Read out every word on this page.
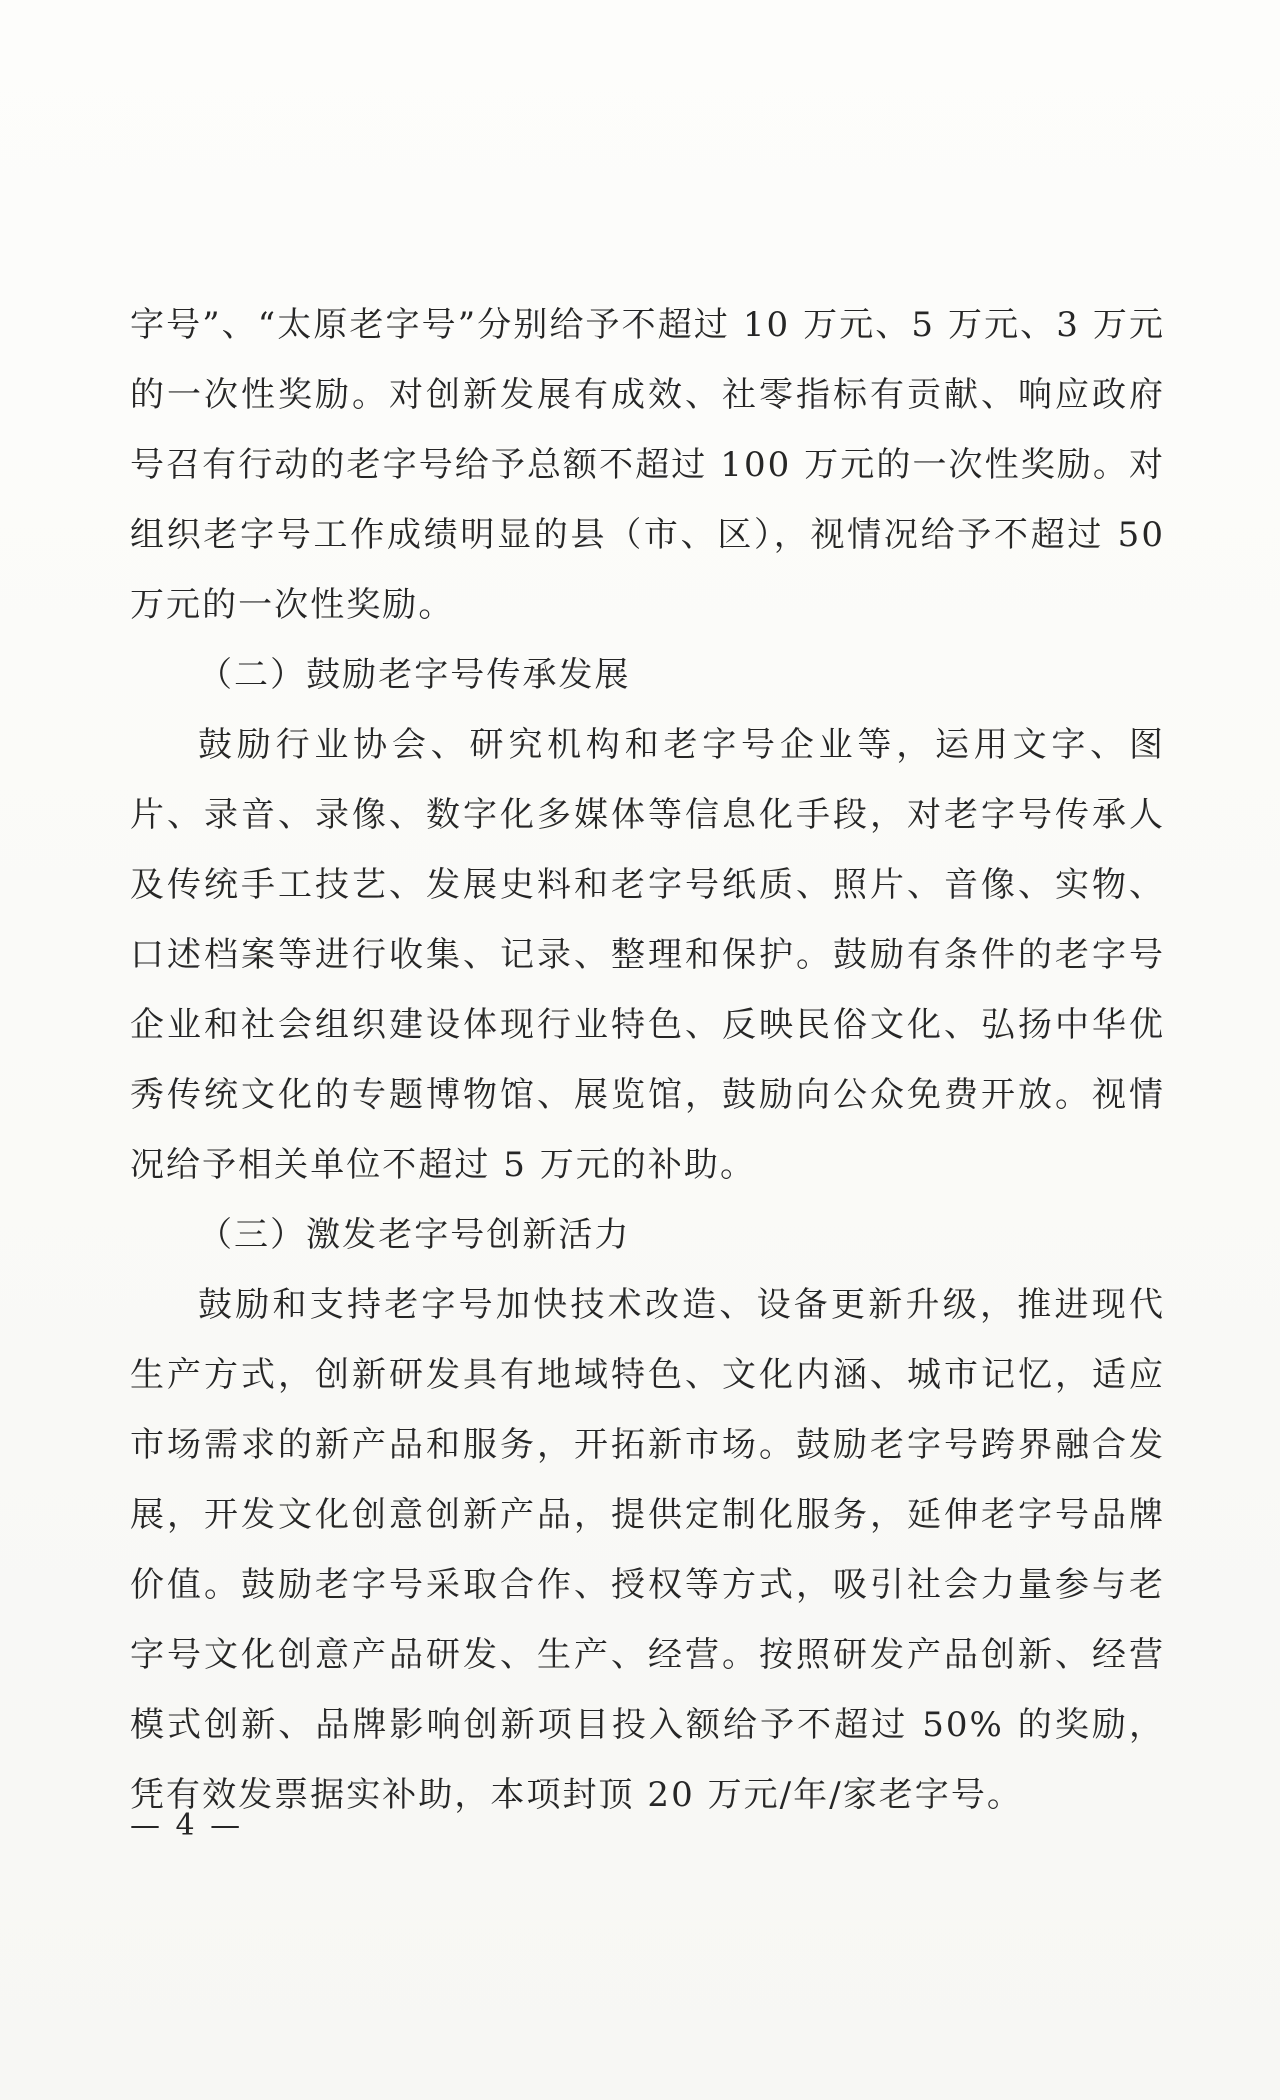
字号”、“太原老字号”分别给予不超过 10 万元、5 万元、3 万元的一次性奖励。对创新发展有成效、社零指标有贡献、响应政府号召有行动的老字号给予总额不超过 100 万元的一次性奖励。对组织老字号工作成绩明显的县（市、区），视情况给予不超过 50 万元的一次性奖励。

（二）鼓励老字号传承发展

鼓励行业协会、研究机构和老字号企业等，运用文字、图片、录音、录像、数字化多媒体等信息化手段，对老字号传承人及传统手工技艺、发展史料和老字号纸质、照片、音像、实物、口述档案等进行收集、记录、整理和保护。鼓励有条件的老字号企业和社会组织建设体现行业特色、反映民俗文化、弘扬中华优秀传统文化的专题博物馆、展览馆，鼓励向公众免费开放。视情况给予相关单位不超过 5 万元的补助。

（三）激发老字号创新活力

鼓励和支持老字号加快技术改造、设备更新升级，推进现代生产方式，创新研发具有地域特色、文化内涵、城市记忆，适应市场需求的新产品和服务，开拓新市场。鼓励老字号跨界融合发展，开发文化创意创新产品，提供定制化服务，延伸老字号品牌价值。鼓励老字号采取合作、授权等方式，吸引社会力量参与老字号文化创意产品研发、生产、经营。按照研发产品创新、经营模式创新、品牌影响创新项目投入额给予不超过 50% 的奖励，凭有效发票据实补助，本项封顶 20 万元/年/家老字号。

— 4 —
